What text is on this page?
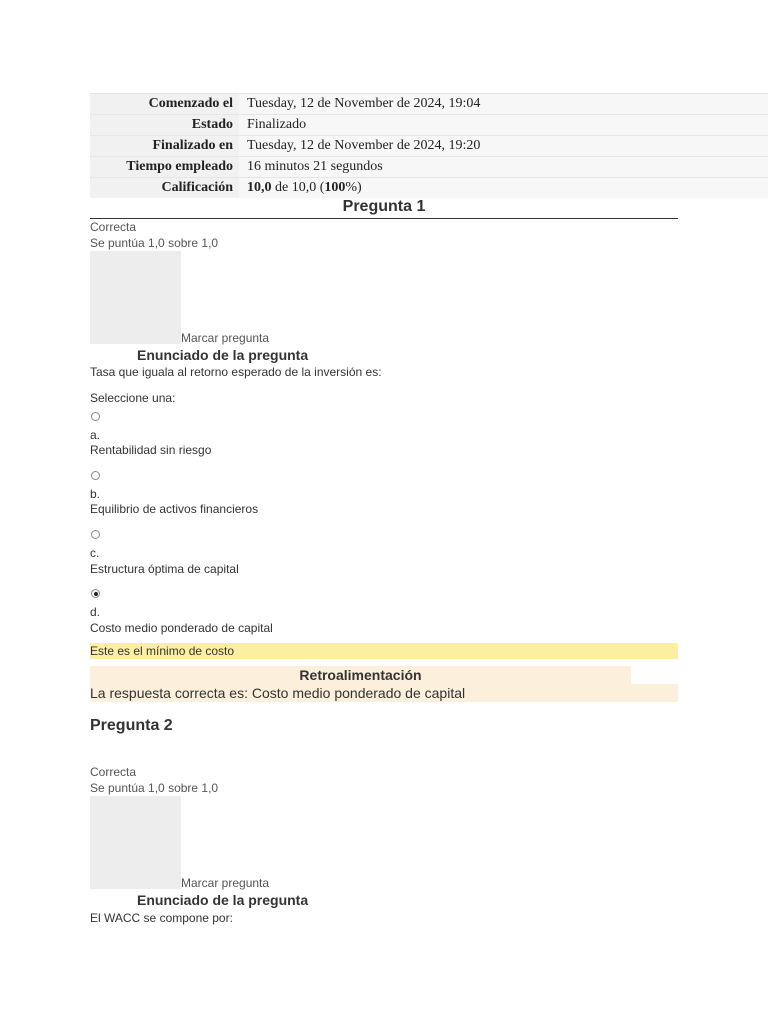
Comenzado el	Tuesday, 12 de November de 2024, 19:04
Estado	Finalizado
Finalizado en	Tuesday, 12 de November de 2024, 19:20
Tiempo empleado	16 minutos 21 segundos
Calificación	10,0 de 10,0 (100%)
Pregunta 1
Correcta
Se puntúa 1,0 sobre 1,0
Marcar pregunta
Enunciado de la pregunta
Tasa que iguala al retorno esperado de la inversión es:
Seleccione una:
a.
Rentabilidad sin riesgo
b.
Equilibrio de activos financieros
c.
Estructura óptima de capital
d.
Costo medio ponderado de capital
Este es el mínimo de costo
Retroalimentación
La respuesta correcta es: Costo medio ponderado de capital
Pregunta 2
Correcta
Se puntúa 1,0 sobre 1,0
Marcar pregunta
Enunciado de la pregunta
El WACC se compone por:
